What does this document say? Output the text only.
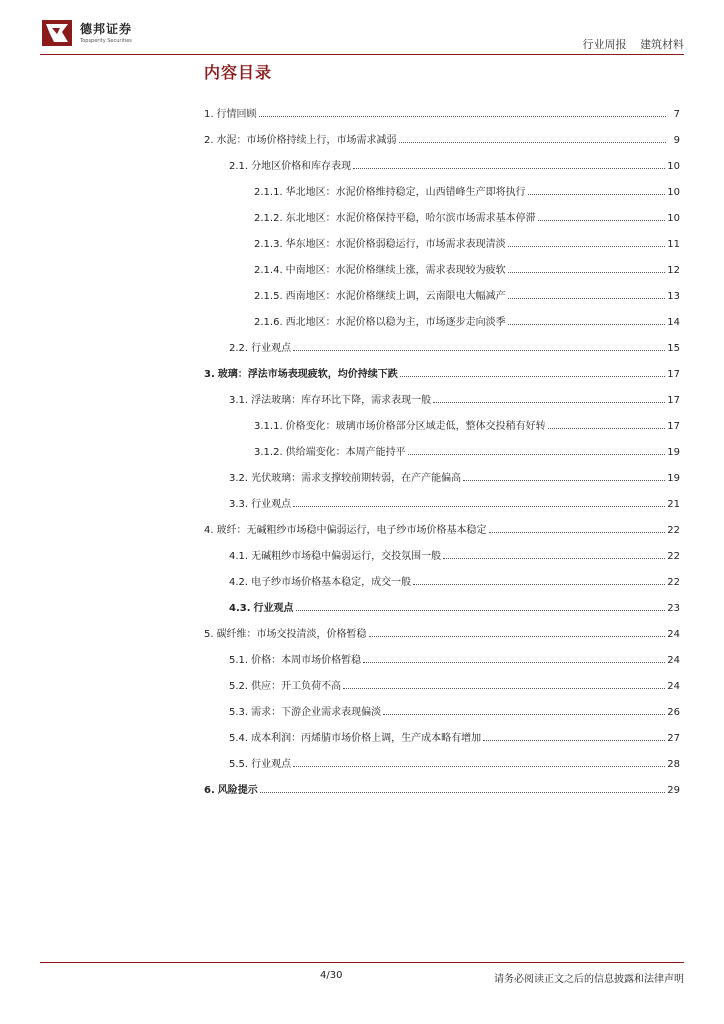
德邦证券
Topsperity Securities	行业周报 建筑材料
内容目录
1. 行情回顾	7
2. 水泥：市场价格持续上行，市场需求减弱	9
2.1. 分地区价格和库存表现	10
2.1.1. 华北地区：水泥价格维持稳定，山西错峰生产即将执行	10
2.1.2. 东北地区：水泥价格保持平稳，哈尔滨市场需求基本停滞	10
2.1.3. 华东地区：水泥价格弱稳运行，市场需求表现清淡	11
2.1.4. 中南地区：水泥价格继续上涨，需求表现较为疲软	12
2.1.5. 西南地区：水泥价格继续上调，云南限电大幅减产	13
2.1.6. 西北地区：水泥价格以稳为主，市场逐步走向淡季	14
2.2. 行业观点	15
3. 玻璃：浮法市场表现疲软，均价持续下跌	17
3.1. 浮法玻璃：库存环比下降，需求表现一般	17
3.1.1. 价格变化：玻璃市场价格部分区域走低，整体交投稍有好转	17
3.1.2. 供给端变化：本周产能持平	19
3.2. 光伏玻璃：需求支撑较前期转弱，在产产能偏高	19
3.3. 行业观点	21
4. 玻纤：无碱粗纱市场稳中偏弱运行，电子纱市场价格基本稳定	22
4.1. 无碱粗纱市场稳中偏弱运行，交投氛围一般	22
4.2. 电子纱市场价格基本稳定，成交一般	22
4.3. 行业观点	23
5. 碳纤维：市场交投清淡，价格暂稳	24
5.1. 价格：本周市场价格暂稳	24
5.2. 供应：开工负荷不高	24
5.3. 需求：下游企业需求表现偏淡	26
5.4. 成本利润：丙烯腈市场价格上调，生产成本略有增加	27
5.5. 行业观点	28
6. 风险提示	29
4/30	请务必阅读正文之后的信息披露和法律声明
